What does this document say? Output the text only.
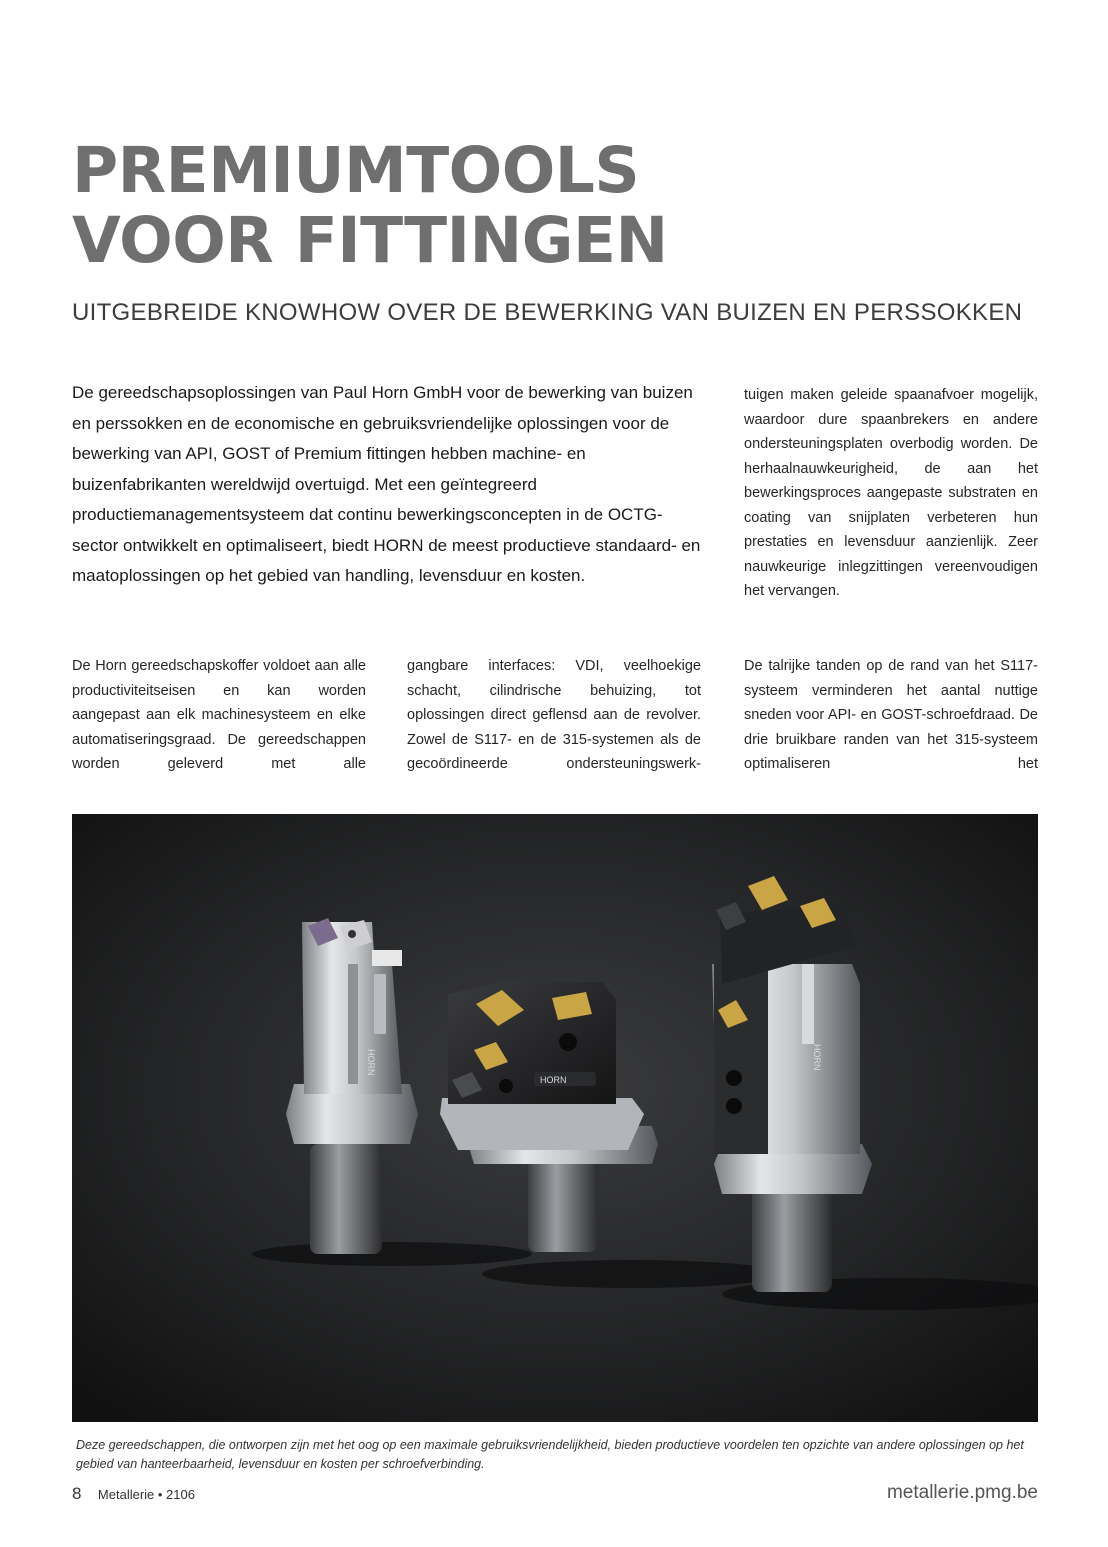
PREMIUMTOOLS
VOOR FITTINGEN
UITGEBREIDE KNOWHOW OVER DE BEWERKING VAN BUIZEN EN PERSSOKKEN

De gereedschapsoplossingen van Paul Horn GmbH voor de bewerking van buizen en perssokken en de economische en gebruiksvriendelijke oplossingen voor de bewerking van API, GOST of Premium fittingen hebben machine- en buizenfabrikanten wereldwijd overtuigd. Met een geïntegreerd productiemanagementsysteem dat continu bewerkingsconcepten in de OCTG-sector ontwikkelt en optimaliseert, biedt HORN de meest productieve standaard- en maatoplossingen op het gebied van handling, levensduur en kosten.

tuigen maken geleide spaanafvoer mogelijk, waardoor dure spaanbrekers en andere ondersteuningsplaten overbodig worden. De herhaalnauwkeurigheid, de aan het bewerkingsproces aangepaste substraten en coating van snijplaten verbeteren hun prestaties en levensduur aanzienlijk. Zeer nauwkeurige inlegzittingen vereenvoudigen het vervangen.

De Horn gereedschapskoffer voldoet aan alle productiviteitseisen en kan worden aangepast aan elk machinesysteem en elke automatiseringsgraad. De gereedschappen worden geleverd met alle

gangbare interfaces: VDI, veelhoekige schacht, cilindrische behuizing, tot oplossingen direct geflensd aan de revolver. Zowel de S117- en de 315-systemen als de gecoördineerde ondersteuningswerk-

De talrijke tanden op de rand van het S117-systeem verminderen het aantal nuttige sneden voor API- en GOST-schroefdraad. De drie bruikbare randen van het 315-systeem optimaliseren het

HORN
HORN
HORN

Deze gereedschappen, die ontworpen zijn met het oog op een maximale gebruiksvriendelijkheid, bieden productieve voordelen ten opzichte van andere oplossingen op het gebied van hanteerbaarheid, levensduur en kosten per schroefverbinding.

8 Metallerie • 2106	metallerie.pmg.be
